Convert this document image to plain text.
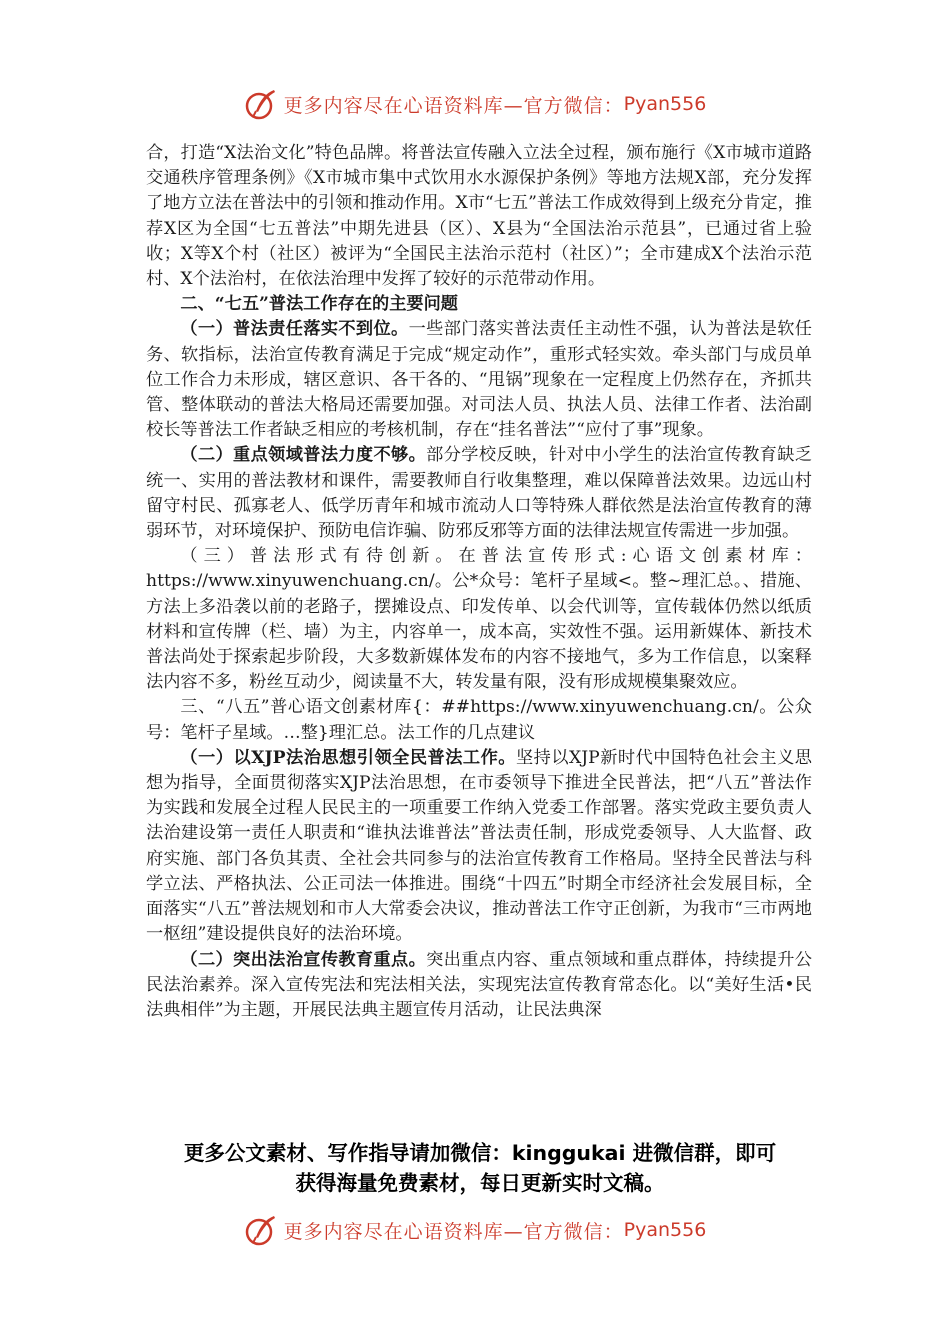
更多内容尽在心语资料库—官方微信： Pyan556

合，打造“X法治文化”特色品牌。将普法宣传融入立法全过程，颁布施行《X市城市道路交通秩序管理条例》《X市城市集中式饮用水水源保护条例》等地方法规X部，充分发挥了地方立法在普法中的引领和推动作用。X市“七五”普法工作成效得到上级充分肯定，推荐X区为全国“七五普法”中期先进县（区）、X县为“全国法治示范县”，已通过省上验收；X等X个村（社区）被评为“全国民主法治示范村（社区）”；全市建成X个法治示范村、X个法治村，在依法治理中发挥了较好的示范带动作用。

二、“七五”普法工作存在的主要问题

（一）普法责任落实不到位。一些部门落实普法责任主动性不强，认为普法是软任务、软指标，法治宣传教育满足于完成“规定动作”，重形式轻实效。牵头部门与成员单位工作合力未形成，辖区意识、各干各的、“甩锅”现象在一定程度上仍然存在，齐抓共管、整体联动的普法大格局还需要加强。对司法人员、执法人员、法律工作者、法治副校长等普法工作者缺乏相应的考核机制，存在“挂名普法”“应付了事”现象。

（二）重点领域普法力度不够。部分学校反映，针对中小学生的法治宣传教育缺乏统一、实用的普法教材和课件，需要教师自行收集整理，难以保障普法效果。边远山村留守村民、孤寡老人、低学历青年和城市流动人口等特殊人群依然是法治宣传教育的薄弱环节，对环境保护、预防电信诈骗、防邪反邪等方面的法律法规宣传需进一步加强。

（三）普法形式有待创新。在普法宣传形式:心语文创素材库：https://www.xinyuwenchuang.cn/。公*众号：笔杆子星域<。整~理汇总。、措施、方法上多沿袭以前的老路子，摆摊设点、印发传单、以会代训等，宣传载体仍然以纸质材料和宣传牌（栏、墙）为主，内容单一，成本高，实效性不强。运用新媒体、新技术普法尚处于探索起步阶段，大多数新媒体发布的内容不接地气，多为工作信息，以案释法内容不多，粉丝互动少，阅读量不大，转发量有限，没有形成规模集聚效应。

三、“八五”普心语文创素材库{：##https://www.xinyuwenchuang.cn/。公众号：笔杆子星域。…整}理汇总。法工作的几点建议

（一）以XJP法治思想引领全民普法工作。坚持以XJP新时代中国特色社会主义思想为指导，全面贯彻落实XJP法治思想，在市委领导下推进全民普法，把“八五”普法作为实践和发展全过程人民民主的一项重要工作纳入党委工作部署。落实党政主要负责人法治建设第一责任人职责和“谁执法谁普法”普法责任制，形成党委领导、人大监督、政府实施、部门各负其责、全社会共同参与的法治宣传教育工作格局。坚持全民普法与科学立法、严格执法、公正司法一体推进。围绕“十四五”时期全市经济社会发展目标，全面落实“八五”普法规划和市人大常委会决议，推动普法工作守正创新，为我市“三市两地一枢纽”建设提供良好的法治环境。

（二）突出法治宣传教育重点。突出重点内容、重点领域和重点群体，持续提升公民法治素养。深入宣传宪法和宪法相关法，实现宪法宣传教育常态化。以“美好生活•民法典相伴”为主题，开展民法典主题宣传月活动，让民法典深

更多公文素材、写作指导请加微信：kinggukai 进微信群，即可
获得海量免费素材，每日更新实时文稿。
更多内容尽在心语资料库—官方微信： Pyan556
